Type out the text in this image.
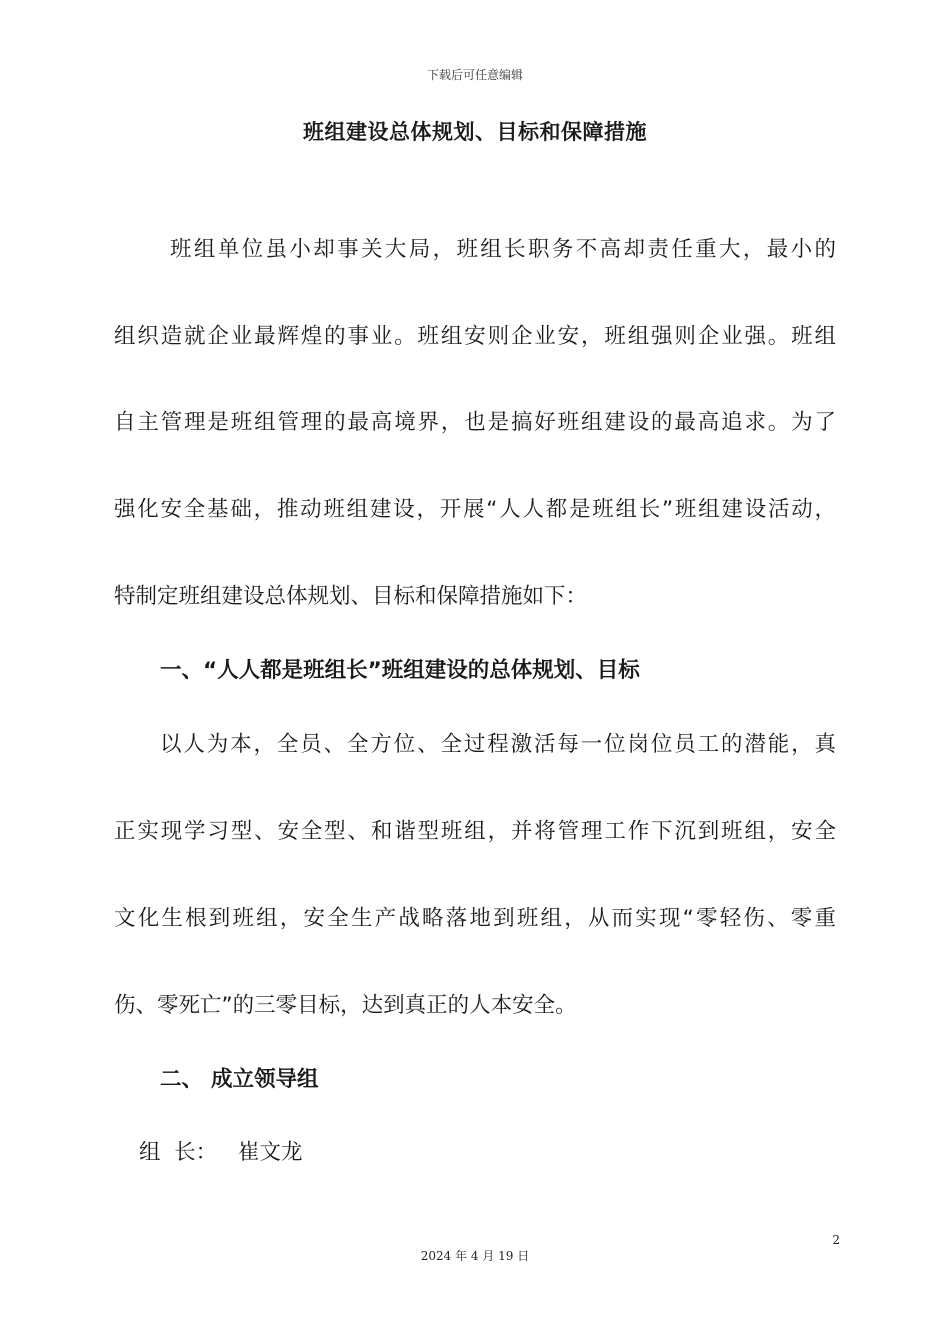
下载后可任意编辑
班组建设总体规划、目标和保障措施
班组单位虽小却事关大局，班组长职务不高却责任重大，最小的
组织造就企业最辉煌的事业。班组安则企业安，班组强则企业强。班组
自主管理是班组管理的最高境界，也是搞好班组建设的最高追求。为了
强化安全基础，推动班组建设，开展“人人都是班组长”班组建设活动，
特制定班组建设总体规划、目标和保障措施如下：
一、“人人都是班组长”班组建设的总体规划、目标
以人为本，全员、全方位、全过程激活每一位岗位员工的潜能，真
正实现学习型、安全型、和谐型班组，并将管理工作下沉到班组，安全
文化生根到班组，安全生产战略落地到班组，从而实现“零轻伤、零重
伤、零死亡”的三零目标，达到真正的人本安全。
二、 成立领导组
组  长： 崔文龙
2
2024 年 4 月 19 日
